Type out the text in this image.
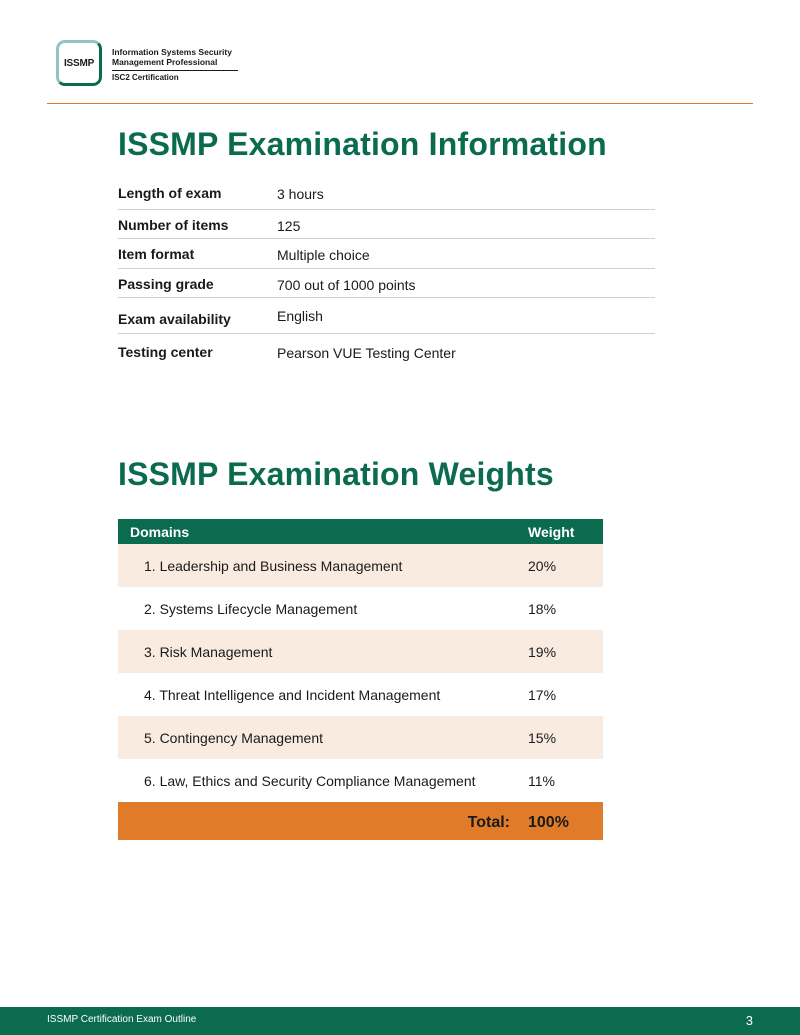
ISSMP
Information Systems Security
Management Professional
ISC2 Certification
ISSMP Examination Information
Length of exam	3 hours
Number of items	125
Item format	Multiple choice
Passing grade	700 out of 1000 points
Exam availability	English
Testing center	Pearson VUE Testing Center
ISSMP Examination Weights
Domains	Weight
1. Leadership and Business Management	20%
2. Systems Lifecycle Management	18%
3. Risk Management	19%
4. Threat Intelligence and Incident Management	17%
5. Contingency Management	15%
6. Law, Ethics and Security Compliance Management	11%
Total: 100%
ISSMP Certification Exam Outline	3
